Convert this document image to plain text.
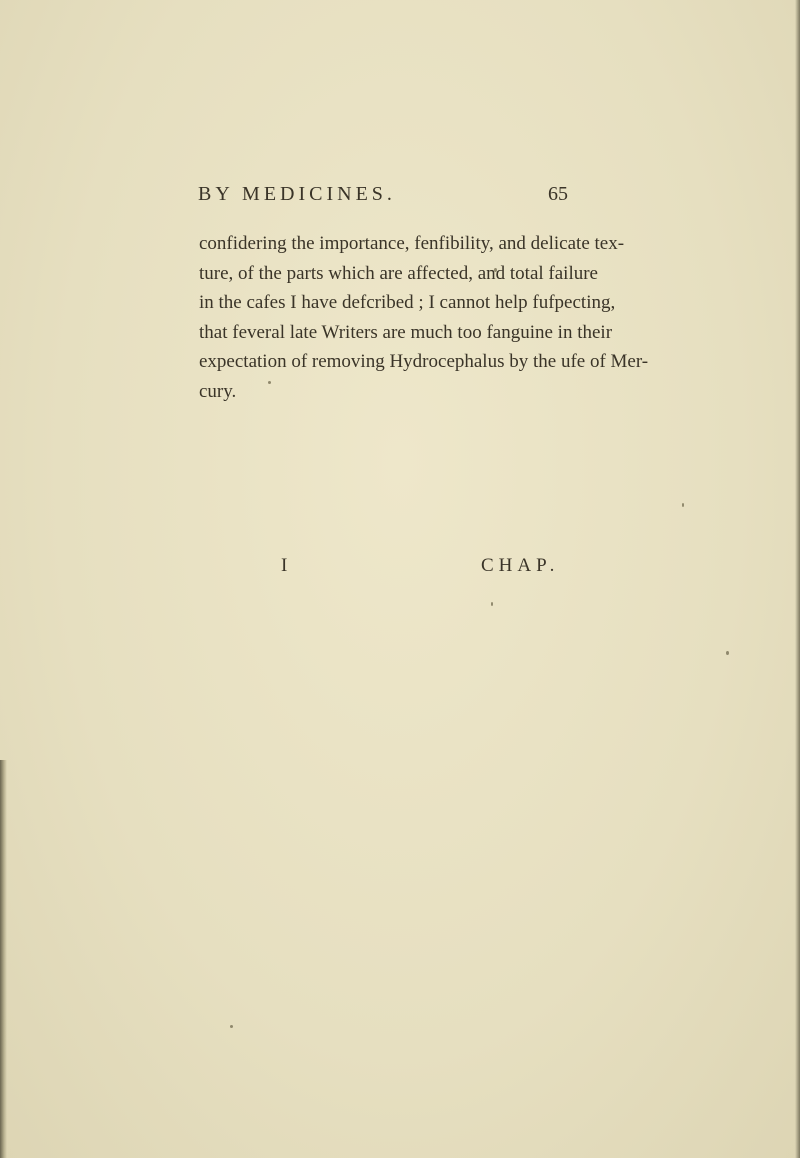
BY MEDICINES.	65
confidering the importance, fenfibility, and delicate tex-
ture, of the parts which are affected, and total failure
in the cafes I have defcribed ; I cannot help fufpecting,
that feveral late Writers are much too fanguine in their
expectation of removing Hydrocephalus by the ufe of Mer-
cury.
I	CHAP.
